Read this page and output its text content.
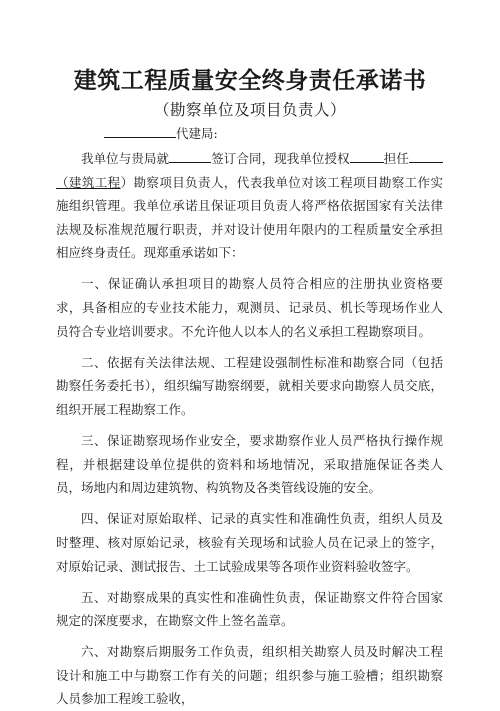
建筑工程质量安全终身责任承诺书
（勘察单位及项目负责人）
代建局:

我单位与贵局就	签订合同，现我单位授权	担任（建筑工程）勘察项目负责人，代表我单位对该工程项目勘察工作实施组织管理。我单位承诺且保证项目负责人将严格依据国家有关法律法规及标准规范履行职责，并对设计使用年限内的工程质量安全承担相应终身责任。现郑重承诺如下：

一、保证确认承担项目的勘察人员符合相应的注册执业资格要求，具备相应的专业技术能力，观测员、记录员、机长等现场作业人员符合专业培训要求。不允许他人以本人的名义承担工程勘察项目。

二、依据有关法律法规、工程建设强制性标准和勘察合同（包括勘察任务委托书），组织编写勘察纲要，就相关要求向勘察人员交底，组织开展工程勘察工作。

三、保证勘察现场作业安全，要求勘察作业人员严格执行操作规程，并根据建设单位提供的资料和场地情况，采取措施保证各类人员，场地内和周边建筑物、构筑物及各类管线设施的安全。

四、保证对原始取样、记录的真实性和准确性负责，组织人员及时整理、核对原始记录，核验有关现场和试验人员在记录上的签字，对原始记录、测试报告、土工试验成果等各项作业资料验收签字。

五、对勘察成果的真实性和准确性负责，保证勘察文件符合国家规定的深度要求，在勘察文件上签名盖章。

六、对勘察后期服务工作负责，组织相关勘察人员及时解决工程设计和施工中与勘察工作有关的问题；组织参与施工验槽；组织勘察人员参加工程竣工验收，
